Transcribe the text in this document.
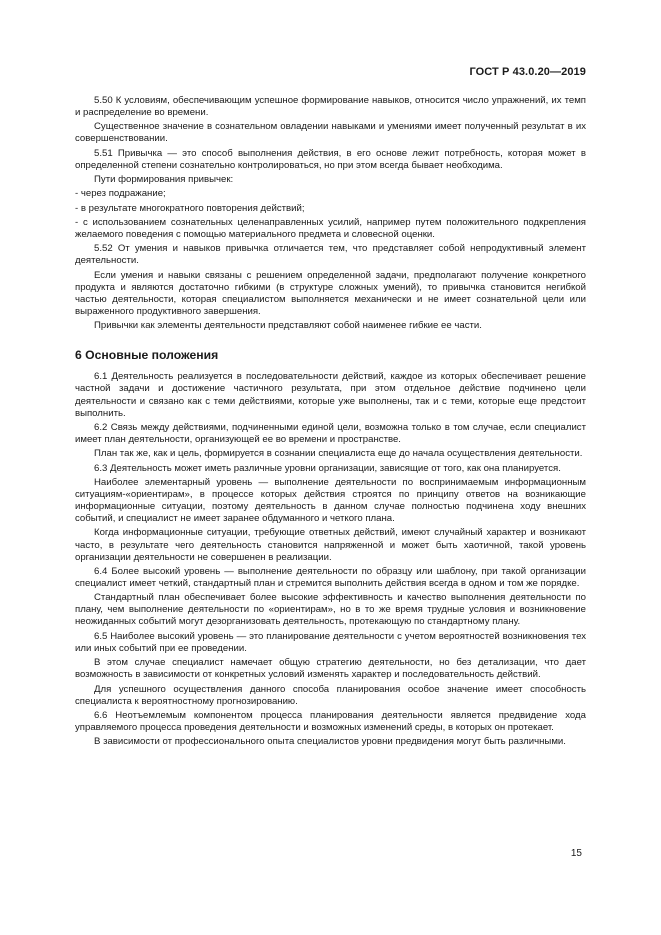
ГОСТ Р 43.0.20—2019

5.50 К условиям, обеспечивающим успешное формирование навыков, относится число упражнений, их темп и распределение во времени.

Существенное значение в сознательном овладении навыками и умениями имеет полученный результат в их совершенствовании.

5.51 Привычка — это способ выполнения действия, в его основе лежит потребность, которая может в определенной степени сознательно контролироваться, но при этом всегда бывает необходима.

Пути формирования привычек:

- через подражание;

- в результате многократного повторения действий;

- с использованием сознательных целенаправленных усилий, например путем положительного подкрепления желаемого поведения с помощью материального предмета и словесной оценки.

5.52 От умения и навыков привычка отличается тем, что представляет собой непродуктивный элемент деятельности.

Если умения и навыки связаны с решением определенной задачи, предполагают получение конкретного продукта и являются достаточно гибкими (в структуре сложных умений), то привычка становится негибкой частью деятельности, которая специалистом выполняется механически и не имеет сознательной цели или выраженного продуктивного завершения.

Привычки как элементы деятельности представляют собой наименее гибкие ее части.

6 Основные положения

6.1 Деятельность реализуется в последовательности действий, каждое из которых обеспечивает решение частной задачи и достижение частичного результата, при этом отдельное действие подчинено цели деятельности и связано как с теми действиями, которые уже выполнены, так и с теми, которые еще предстоит выполнить.

6.2 Связь между действиями, подчиненными единой цели, возможна только в том случае, если специалист имеет план деятельности, организующей ее во времени и пространстве.

План так же, как и цель, формируется в сознании специалиста еще до начала осуществления деятельности.

6.3 Деятельность может иметь различные уровни организации, зависящие от того, как она планируется.

Наиболее элементарный уровень — выполнение деятельности по воспринимаемым информационным ситуациям-«ориентирам», в процессе которых действия строятся по принципу ответов на возникающие информационные ситуации, поэтому деятельность в данном случае полностью подчинена ходу внешних событий, и специалист не имеет заранее обдуманного и четкого плана.

Когда информационные ситуации, требующие ответных действий, имеют случайный характер и возникают часто, в результате чего деятельность становится напряженной и может быть хаотичной, такой уровень организации деятельности не совершенен в реализации.

6.4 Более высокий уровень — выполнение деятельности по образцу или шаблону, при такой организации специалист имеет четкий, стандартный план и стремится выполнить действия всегда в одном и том же порядке.

Стандартный план обеспечивает более высокие эффективность и качество выполнения деятельности по плану, чем выполнение деятельности по «ориентирам», но в то же время трудные условия и возникновение неожиданных событий могут дезорганизовать деятельность, протекающую по стандартному плану.

6.5 Наиболее высокий уровень — это планирование деятельности с учетом вероятностей возникновения тех или иных событий при ее проведении.

В этом случае специалист намечает общую стратегию деятельности, но без детализации, что дает возможность в зависимости от конкретных условий изменять характер и последовательность действий.

Для успешного осуществления данного способа планирования особое значение имеет способность специалиста к вероятностному прогнозированию.

6.6 Неотъемлемым компонентом процесса планирования деятельности является предвидение хода управляемого процесса проведения деятельности и возможных изменений среды, в которых он протекает.

В зависимости от профессионального опыта специалистов уровни предвидения могут быть различными.

15
